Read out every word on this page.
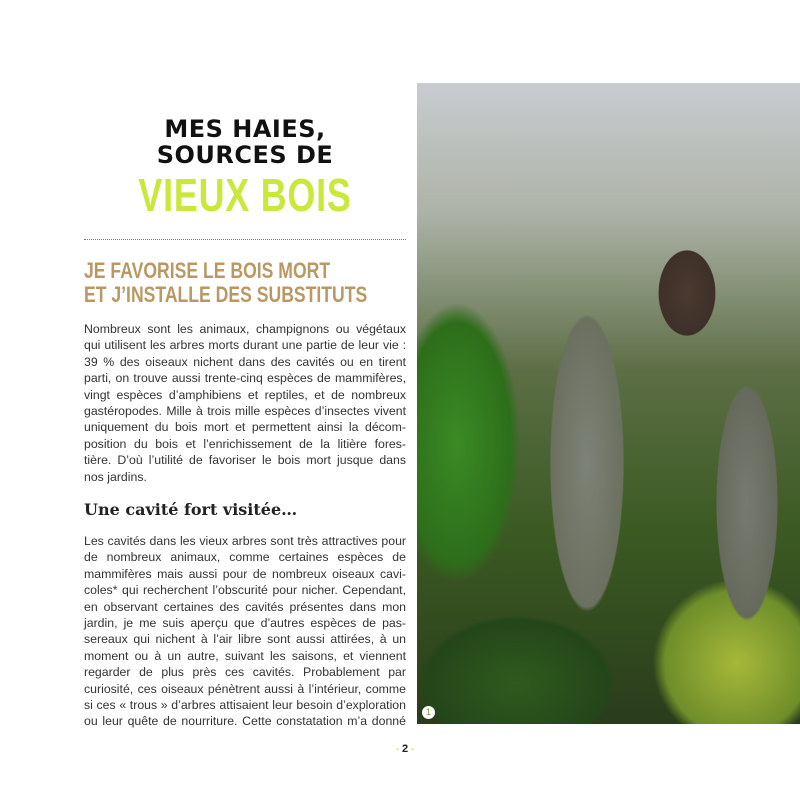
MES HAIES,
SOURCES DE
VIEUX BOIS
JE FAVORISE LE BOIS MORT
ET J’INSTALLE DES SUBSTITUTS
Nombreux sont les animaux, champignons ou végétaux
qui utilisent les arbres morts durant une partie de leur vie :
39 % des oiseaux nichent dans des cavités ou en tirent
parti, on trouve aussi trente-cinq espèces de mammifères,
vingt espèces d’amphibiens et reptiles, et de nombreux
gastéropodes. Mille à trois mille espèces d’insectes vivent
uniquement du bois mort et permettent ainsi la décom-
position du bois et l’enrichissement de la litière fores-
tière. D’où l’utilité de favoriser le bois mort jusque dans
nos jardins.
Une cavité fort visitée…
Les cavités dans les vieux arbres sont très attractives pour
de nombreux animaux, comme certaines espèces de
mammifères mais aussi pour de nombreux oiseaux cavi-
coles* qui recherchent l’obscurité pour nicher. Cependant,
en observant certaines des cavités présentes dans mon
jardin, je me suis aperçu que d’autres espèces de pas-
sereaux qui nichent à l’air libre sont aussi attirées, à un
moment ou à un autre, suivant les saisons, et viennent
regarder de plus près ces cavités. Probablement par
curiosité, ces oiseaux pénètrent aussi à l’intérieur, comme
si ces « trous » d’arbres attisaient leur besoin d’exploration
ou leur quête de nourriture. Cette constatation m’a donné
1
• 2 •
